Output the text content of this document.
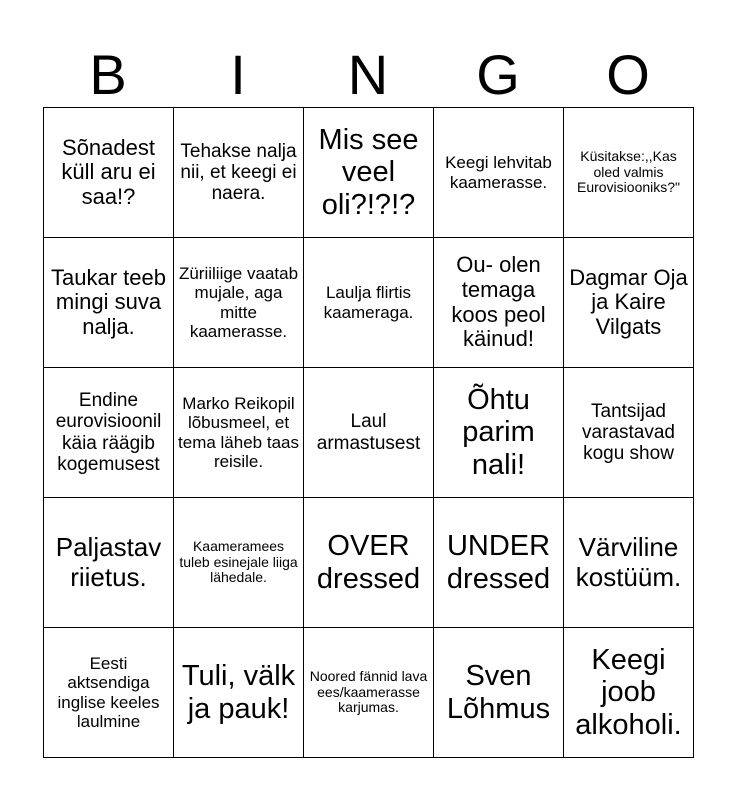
B	I	N	G	O
Sõnadest küll aru ei saa!?	Tehakse nalja nii, et keegi ei naera.	Mis see veel oli?!?!?	Keegi lehvitab kaamerasse.	Küsitakse:,,Kas oled valmis Eurovisiooniks?"
Taukar teeb mingi suva nalja.	Züriiliige vaatab mujale, aga mitte kaamerasse.	Laulja flirtis kaameraga.	Ou- olen temaga koos peol käinud!	Dagmar Oja ja Kaire Vilgats
Endine eurovisioonil käia räägib kogemusest	Marko Reikopil lõbusmeel, et tema läheb taas reisile.	Laul armastusest	Õhtu parim nali!	Tantsijad varastavad kogu show
Paljastav riietus.	Kaameramees tuleb esinejale liiga lähedale.	OVER dressed	UNDER dressed	Värviline kostüüm.
Eesti aktsendiga inglise keeles laulmine	Tuli, välk ja pauk!	Noored fännid lava ees/kaamerasse karjumas.	Sven Lõhmus	Keegi joob alkoholi.
